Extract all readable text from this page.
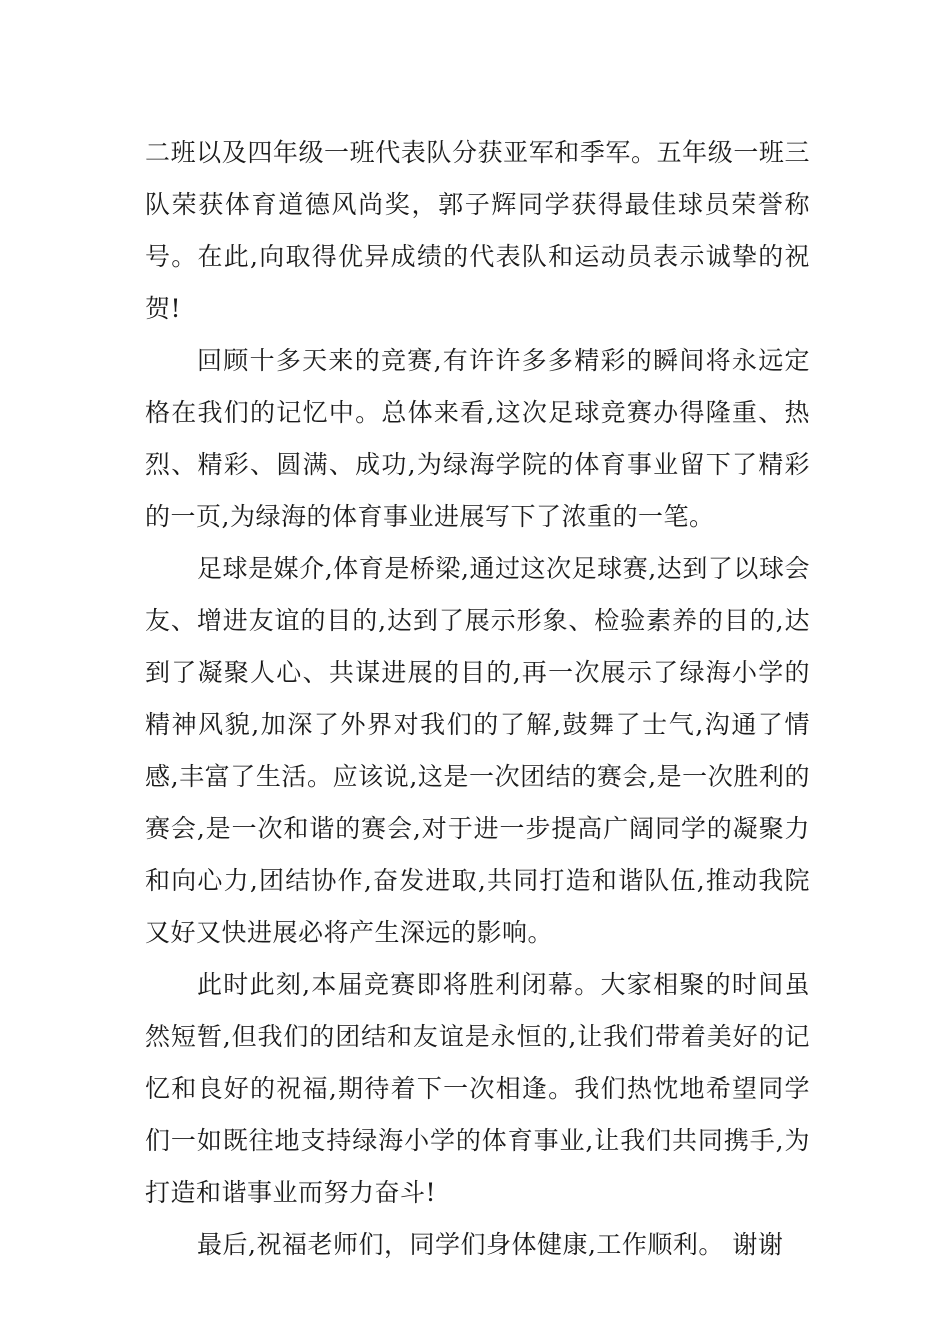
二班以及四年级一班代表队分获亚军和季军。五年级一班三队荣获体育道德风尚奖，郭子辉同学获得最佳球员荣誉称号。在此,向取得优异成绩的代表队和运动员表示诚挚的祝贺!

回顾十多天来的竞赛,有许许多多精彩的瞬间将永远定格在我们的记忆中。总体来看,这次足球竞赛办得隆重、热烈、精彩、圆满、成功,为绿海学院的体育事业留下了精彩的一页,为绿海的体育事业进展写下了浓重的一笔。

足球是媒介,体育是桥梁,通过这次足球赛,达到了以球会友、增进友谊的目的,达到了展示形象、检验素养的目的,达到了凝聚人心、共谋进展的目的,再一次展示了绿海小学的精神风貌,加深了外界对我们的了解,鼓舞了士气,沟通了情感,丰富了生活。应该说,这是一次团结的赛会,是一次胜利的赛会,是一次和谐的赛会,对于进一步提高广阔同学的凝聚力和向心力,团结协作,奋发进取,共同打造和谐队伍,推动我院又好又快进展必将产生深远的影响。

此时此刻,本届竞赛即将胜利闭幕。大家相聚的时间虽然短暂,但我们的团结和友谊是永恒的,让我们带着美好的记忆和良好的祝福,期待着下一次相逢。我们热忱地希望同学们一如既往地支持绿海小学的体育事业,让我们共同携手,为打造和谐事业而努力奋斗!

最后,祝福老师们，同学们身体健康,工作顺利。 谢谢
